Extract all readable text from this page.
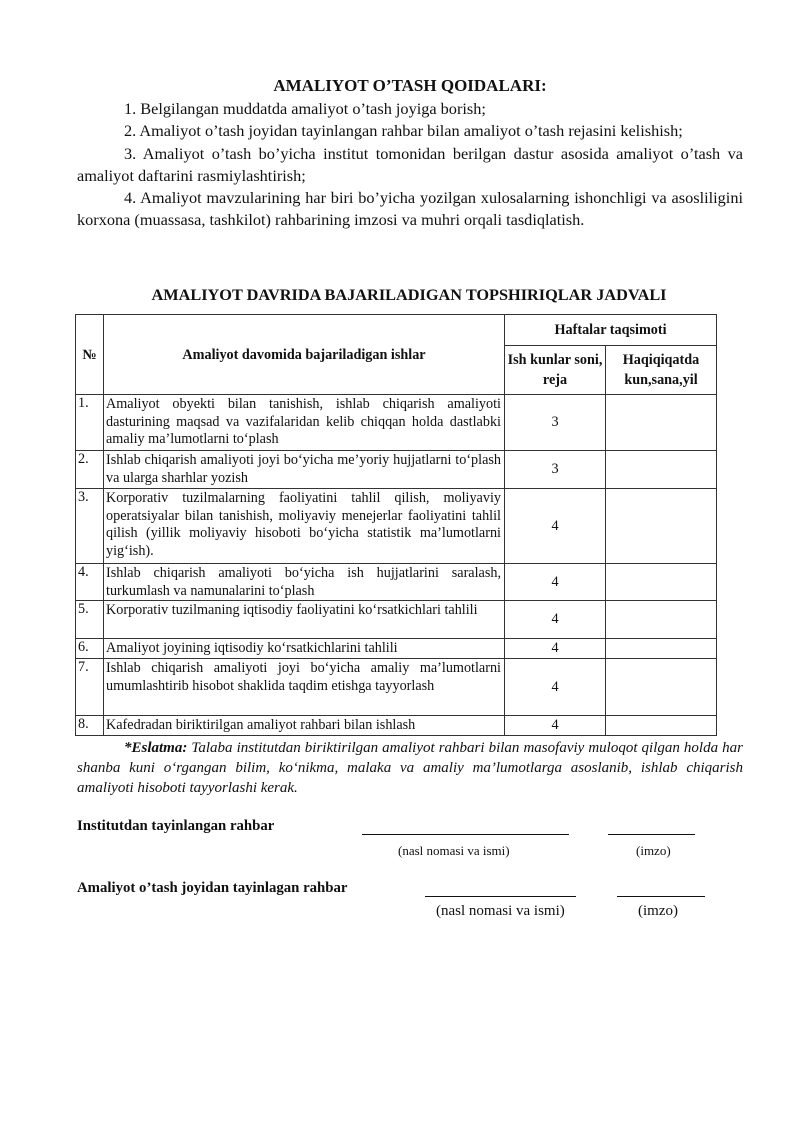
AMALIYOT O’TASH QOIDALARI:

1. Belgilangan muddatda amaliyot o’tash joyiga borish;

2. Amaliyot o’tash joyidan tayinlangan rahbar bilan amaliyot o’tash rejasini kelishish;

3. Amaliyot o’tash bo’yicha institut tomonidan berilgan dastur asosida amaliyot o’tash va amaliyot daftarini rasmiylashtirish;

4. Amaliyot mavzularining har biri bo’yicha yozilgan xulosalarning ishonchligi va asosliligini korxona (muassasa, tashkilot) rahbarining imzosi va muhri orqali tasdiqlatish.

AMALIYOT DAVRIDA BAJARILADIGAN TOPSHIRIQLAR JADVALI
№	Amaliyot davomida bajariladigan ishlar	Haftalar taqsimoti	
		Ish kunlar soni, reja	Haqiqiqatda kun,sana,yil
1.	Amaliyot obyekti bilan tanishish, ishlab chiqarish amaliyoti dasturining maqsad va vazifalaridan kelib chiqqan holda dastlabki amaliy ma’lumotlarni to‘plash	3	
2.	Ishlab chiqarish amaliyoti joyi bo‘yicha me’yoriy hujjatlarni to‘plash va ularga sharhlar yozish	3	
3.	Korporativ tuzilmalarning faoliyatini tahlil qilish, moliyaviy operatsiyalar bilan tanishish, moliyaviy menejerlar faoliyatini tahlil qilish (yillik moliyaviy hisoboti bo‘yicha statistik ma’lumotlarni yig‘ish).	4	
4.	Ishlab chiqarish amaliyoti bo‘yicha ish hujjatlarini saralash, turkumlash va namunalarini to‘plash	4	
5.	Korporativ tuzilmaning iqtisodiy faoliyatini ko‘rsatkichlari tahlili	4	
6.	Amaliyot joyining iqtisodiy ko‘rsatkichlarini tahlili	4	
7.	Ishlab chiqarish amaliyoti joyi bo‘yicha amaliy ma’lumotlarni umumlashtirib hisobot shaklida taqdim etishga tayyorlash	4	
8.	Kafedradan biriktirilgan amaliyot rahbari bilan ishlash	4	
*Eslatma: Talaba institutdan biriktirilgan amaliyot rahbari bilan masofaviy muloqot qilgan holda har shanba kuni o‘rgangan bilim, ko‘nikma, malaka va amaliy ma’lumotlarga asoslanib, ishlab chiqarish amaliyoti hisoboti tayyorlashi kerak.
Institutdan tayinlangan rahbar
(nasl nomasi va ismi)	(imzo)
Amaliyot o’tash joyidan tayinlagan rahbar
(nasl nomasi va ismi)	(imzo)
